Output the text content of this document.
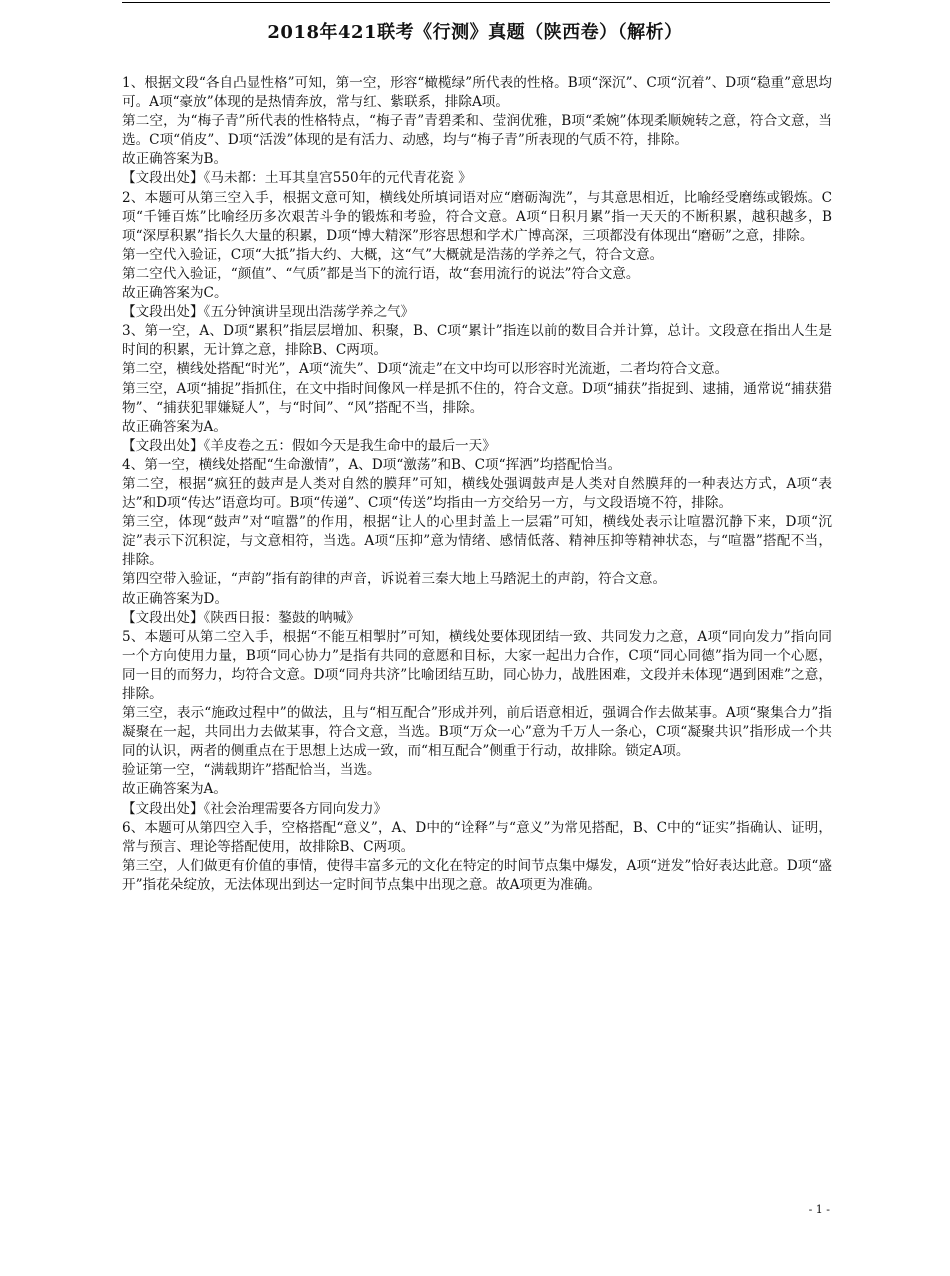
2018年421联考《行测》真题（陕西卷）（解析）

1、根据文段“各自凸显性格”可知，第一空，形容“橄榄绿”所代表的性格。B项“深沉”、C项“沉着”、D项“稳重”意思均可。A项“豪放”体现的是热情奔放，常与红、紫联系，排除A项。

第二空，为“梅子青”所代表的性格特点，“梅子青”青碧柔和、莹润优雅，B项“柔婉”体现柔顺婉转之意，符合文意，当选。C项“俏皮”、D项“活泼”体现的是有活力、动感，均与“梅子青”所表现的气质不符，排除。

故正确答案为B。

【文段出处】《马未都：土耳其皇宫550年的元代青花瓷 》

2、本题可从第三空入手，根据文意可知，横线处所填词语对应“磨砺淘洗”，与其意思相近，比喻经受磨练或锻炼。C项“千锤百炼”比喻经历多次艰苦斗争的锻炼和考验，符合文意。A项“日积月累”指一天天的不断积累，越积越多，B项“深厚积累”指长久大量的积累，D项“博大精深”形容思想和学术广博高深，三项都没有体现出“磨砺”之意，排除。

第一空代入验证，C项“大抵”指大约、大概，这“气”大概就是浩荡的学养之气，符合文意。

第二空代入验证，“颜值”、“气质”都是当下的流行语，故“套用流行的说法”符合文意。

故正确答案为C。

【文段出处】《五分钟演讲呈现出浩荡学养之气》

3、第一空，A、D项“累积”指层层增加、积聚，B、C项“累计”指连以前的数目合并计算，总计。文段意在指出人生是时间的积累，无计算之意，排除B、C两项。

第二空，横线处搭配“时光”，A项“流失”、D项“流走”在文中均可以形容时光流逝，二者均符合文意。

第三空，A项“捕捉”指抓住，在文中指时间像风一样是抓不住的，符合文意。D项“捕获”指捉到、逮捕，通常说“捕获猎物”、“捕获犯罪嫌疑人”，与“时间”、“风”搭配不当，排除。

故正确答案为A。

【文段出处】《羊皮卷之五：假如今天是我生命中的最后一天》

4、第一空，横线处搭配“生命激情”，A、D项“激荡”和B、C项“挥洒”均搭配恰当。

第二空，根据“疯狂的鼓声是人类对自然的膜拜”可知，横线处强调鼓声是人类对自然膜拜的一种表达方式，A项“表达”和D项“传达”语意均可。B项“传递”、C项“传送”均指由一方交给另一方，与文段语境不符，排除。

第三空，体现“鼓声”对“喧嚣”的作用，根据“让人的心里封盖上一层霜”可知，横线处表示让喧嚣沉静下来，D项“沉淀”表示下沉积淀，与文意相符，当选。A项“压抑”意为情绪、感情低落、精神压抑等精神状态，与“喧嚣”搭配不当，排除。

第四空带入验证，“声韵”指有韵律的声音，诉说着三秦大地上马踏泥土的声韵，符合文意。

故正确答案为D。

【文段出处】《陕西日报：鏊鼓的呐喊》

5、本题可从第二空入手，根据“不能互相掣肘”可知，横线处要体现团结一致、共同发力之意，A项“同向发力”指向同一个方向使用力量，B项“同心协力”是指有共同的意愿和目标，大家一起出力合作，C项“同心同德”指为同一个心愿，同一目的而努力，均符合文意。D项“同舟共济”比喻团结互助，同心协力，战胜困难，文段并未体现“遇到困难”之意，排除。

第三空，表示“施政过程中”的做法，且与“相互配合”形成并列，前后语意相近，强调合作去做某事。A项“聚集合力”指凝聚在一起，共同出力去做某事，符合文意，当选。B项“万众一心”意为千万人一条心，C项“凝聚共识”指形成一个共同的认识，两者的侧重点在于思想上达成一致，而“相互配合”侧重于行动，故排除。锁定A项。

验证第一空，“满载期许”搭配恰当，当选。

故正确答案为A。

【文段出处】《社会治理需要各方同向发力》

6、本题可从第四空入手，空格搭配“意义”，A、D中的“诠释”与“意义”为常见搭配，B、C中的“证实”指确认、证明，常与预言、理论等搭配使用，故排除B、C两项。

第三空，人们做更有价值的事情，使得丰富多元的文化在特定的时间节点集中爆发，A项“迸发”恰好表达此意。D项“盛开”指花朵绽放，无法体现出到达一定时间节点集中出现之意。故A项更为准确。

- 1 -
